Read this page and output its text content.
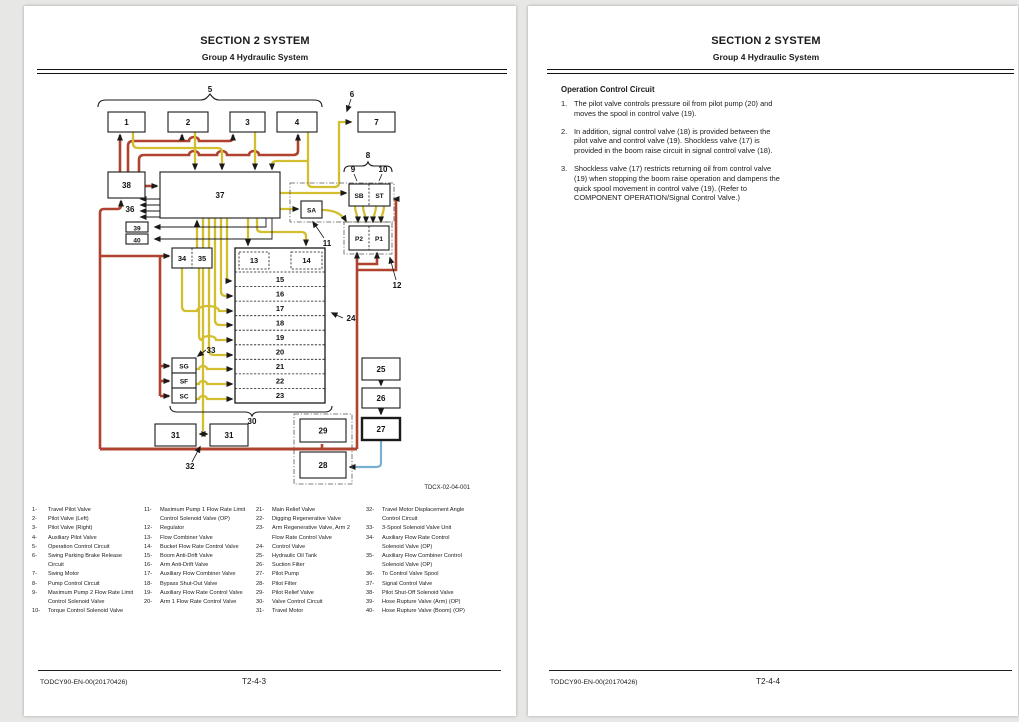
SECTION 2 SYSTEM
Group 4 Hydraulic System
1	2	3	4	7
5
6
8
9	10
11
12
38
37
36
39
40
34 35	13	14
15
16
17
18
19
20
21
22
23
SB ST
SA
P2 P1
SG
SF
SC
33
24
30
32
31	31	29
28
25
26
27
TDCX-02-04-001
1-	Travel Pilot Valve
2-	Pilot Valve (Left)
3-	Pilot Valve (Right)
4-	Auxiliary Pilot Valve
5-	Operation Control Circuit
6-	Swing Parking Brake Release Circuit
7-	Swing Motor
8-	Pump Control Circuit
9-	Maximum Pump 2 Flow Rate Limit Control Solenoid Valve
10-	Torque Control Solenoid Valve
11-	Maximum Pump 1 Flow Rate Limit Control Solenoid Valve (OP)
12-	Regulator
13-	Flow Combiner Valve
14-	Bucket Flow Rate Control Valve
15-	Boom Anti-Drift Valve
16-	Arm Anti-Drift Valve
17-	Auxiliary Flow Combiner Valve
18-	Bypass Shut-Out Valve
19-	Auxiliary Flow Rate Control Valve
20-	Arm 1 Flow Rate Control Valve
21-	Main Relief Valve
22-	Digging Regenerative Valve
23-	Arm Regenerative Valve, Arm 2 Flow Rate Control Valve
24-	Control Valve
25-	Hydraulic Oil Tank
26-	Suction Filter
27-	Pilot Pump
28-	Pilot Filter
29-	Pilot Relief Valve
30-	Valve Control Circuit
31-	Travel Motor
32-	Travel Motor Displacement Angle Control Circuit
33-	3-Spool Solenoid Valve Unit
34-	Auxiliary Flow Rate Control Solenoid Valve (OP)
35-	Auxiliary Flow Combiner Control Solenoid Valve (OP)
36-	To Control Valve Spool
37-	Signal Control Valve
38-	Pilot Shut-Off Solenoid Valve
39-	Hose Rupture Valve (Arm) (OP)
40-	Hose Rupture Valve (Boom) (OP)
TODCY90-EN-00(20170426)	T2-4-3
SECTION 2 SYSTEM
Group 4 Hydraulic System
Operation Control Circuit
1. The pilot valve controls pressure oil from pilot pump (20) and moves the spool in control valve (19).
2. In addition, signal control valve (18) is provided between the pilot valve and control valve (19). Shockless valve (17) is provided in the boom raise circuit in signal control valve (18).
3. Shockless valve (17) restricts returning oil from control valve (19) when stopping the boom raise operation and dampens the quick spool movement in control valve (19). (Refer to COMPONENT OPERATION/Signal Control Valve.)
TODCY90-EN-00(20170426)	T2-4-4
